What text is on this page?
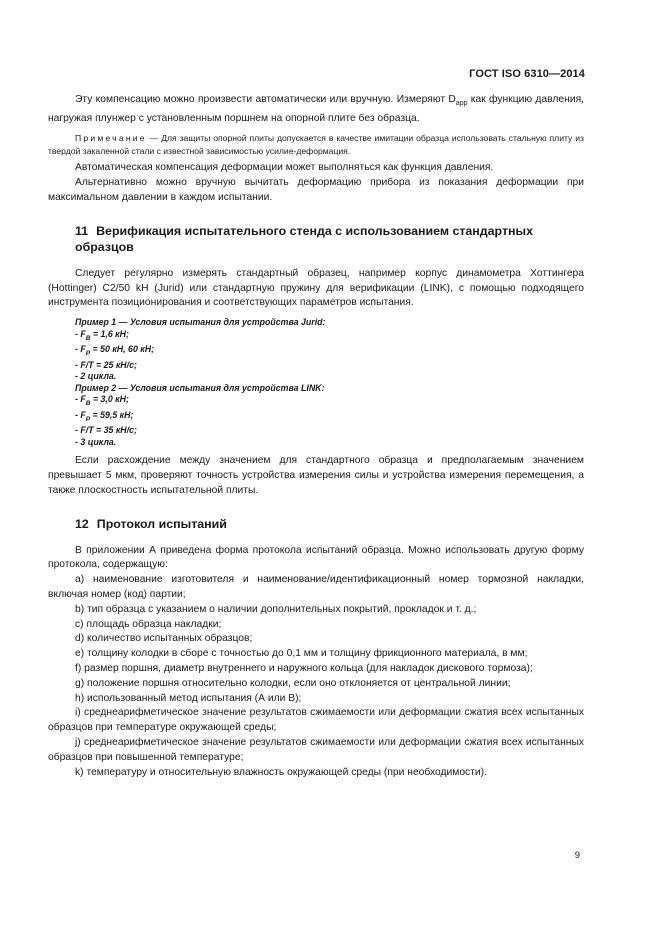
ГОСТ ISO 6310—2014

Эту компенсацию можно произвести автоматически или вручную. Измеряют $D_{app}$ как функцию давления, нагружая плунжер с установленным поршнем на опорной плите без образца.

Примечание — Для защиты опорной плиты допускается в качестве имитации образца использовать стальную плиту из твердой закаленной стали с известной зависимостью усилие-деформация.

Автоматическая компенсация деформации может выполняться как функция давления.

Альтернативно можно вручную вычитать деформацию прибора из показания деформации при максимальном давлении в каждом испытании.

11 Верификация испытательного стенда с использованием стандартных образцов

Следует регулярно измерять стандартный образец, например корпус динамометра Хоттингера (Hottinger) C2/50 kH (Jurid) или стандартную пружину для верификации (LINK), с помощью подходящего инструмента позиционирования и соответствующих параметров испытания.

Пример 1 — Условия испытания для устройства Jurid:

- $F_B = 1,6$ кН;

- $F_P = 50$ кН, 60 кН;

- F/T = 25 кН/с;

- 2 цикла.

Пример 2 — Условия испытания для устройства LINK:

- $F_B = 3,0$ кН;

- $F_P = 59,5$ кН;

- F/T = 35 кН/с;

- 3 цикла.

Если расхождение между значением для стандартного образца и предполагаемым значением превышает 5 мкм, проверяют точность устройства измерения силы и устройства измерения перемещения, а также плоскостность испытательной плиты.

12 Протокол испытаний

В приложении А приведена форма протокола испытаний образца. Можно использовать другую форму протокола, содержащую:

a) наименование изготовителя и наименование/идентификационный номер тормозной накладки, включая номер (код) партии;

b) тип образца с указанием о наличии дополнительных покрытий, прокладок и т. д.;

c) площадь образца накладки;

d) количество испытанных образцов;

e) толщину колодки в сборе с точностью до 0,1 мм и толщину фрикционного материала, в мм;

f) размер поршня, диаметр внутреннего и наружного кольца (для накладок дискового тормоза);

g) положение поршня относительно колодки, если оно отклоняется от центральной линии;

h) использованный метод испытания (А или В);

i) среднеарифметическое значение результатов сжимаемости или деформации сжатия всех испытанных образцов при температуре окружающей среды;

j) среднеарифметическое значение результатов сжимаемости или деформации сжатия всех испытанных образцов при повышенной температуре;

k) температуру и относительную влажность окружающей среды (при необходимости).

9
